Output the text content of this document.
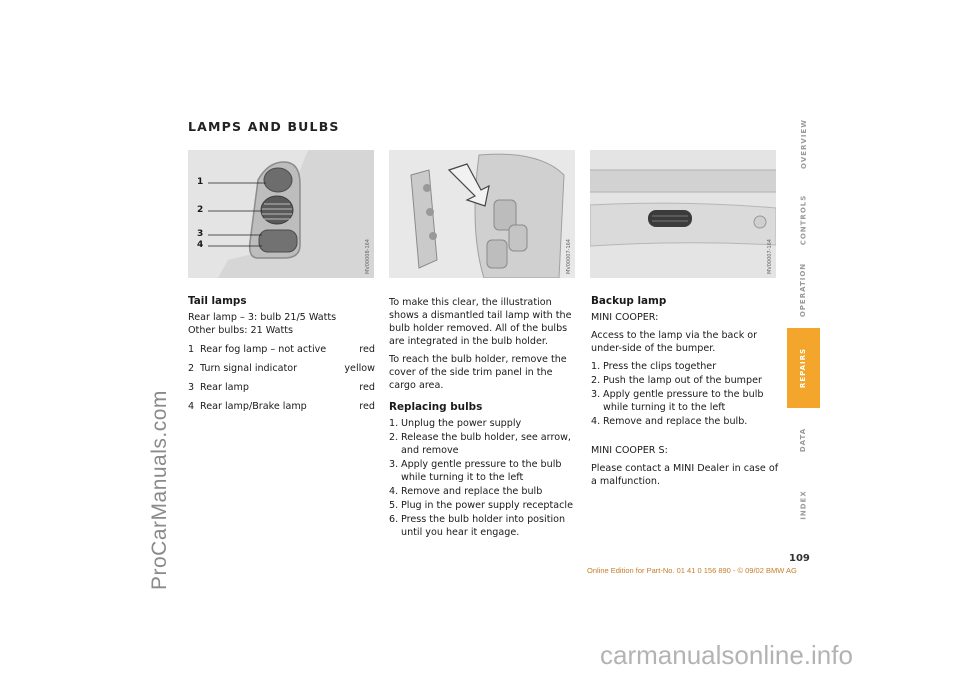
ProCarManuals.com
LAMPS AND BULBS
1
2
3
4	MV00008-164	MV00007-164	MV00007-164
Tail lamps
Rear lamp – 3: bulb 21/5 Watts
Other bulbs: 21 Watts
1 Rear fog lamp – not active	red
2 Turn signal indicator	yellow
3 Rear lamp	red
4 Rear lamp/Brake lamp	red

To make this clear, the illustration shows a dismantled tail lamp with the bulb holder removed. All of the bulbs are integrated in the bulb holder.

To reach the bulb holder, remove the cover of the side trim panel in the cargo area.

Replacing bulbs
1. Unplug the power supply
2. Release the bulb holder, see arrow, and remove
3. Apply gentle pressure to the bulb while turning it to the left
4. Remove and replace the bulb
5. Plug in the power supply receptacle
6. Press the bulb holder into position until you hear it engage.
Backup lamp

MINI COOPER:

Access to the lamp via the back or under-side of the bumper.

1. Press the clips together
2. Push the lamp out of the bumper
3. Apply gentle pressure to the bulb while turning it to the left
4. Remove and replace the bulb.

MINI COOPER S:

Please contact a MINI Dealer in case of a malfunction.

OVERVIEW
CONTROLS
OPERATION
REPAIRS
DATA
INDEX
109
Online Edition for Part-No. 01 41 0 156 890 - © 09/02 BMW AG
carmanualsonline.info
